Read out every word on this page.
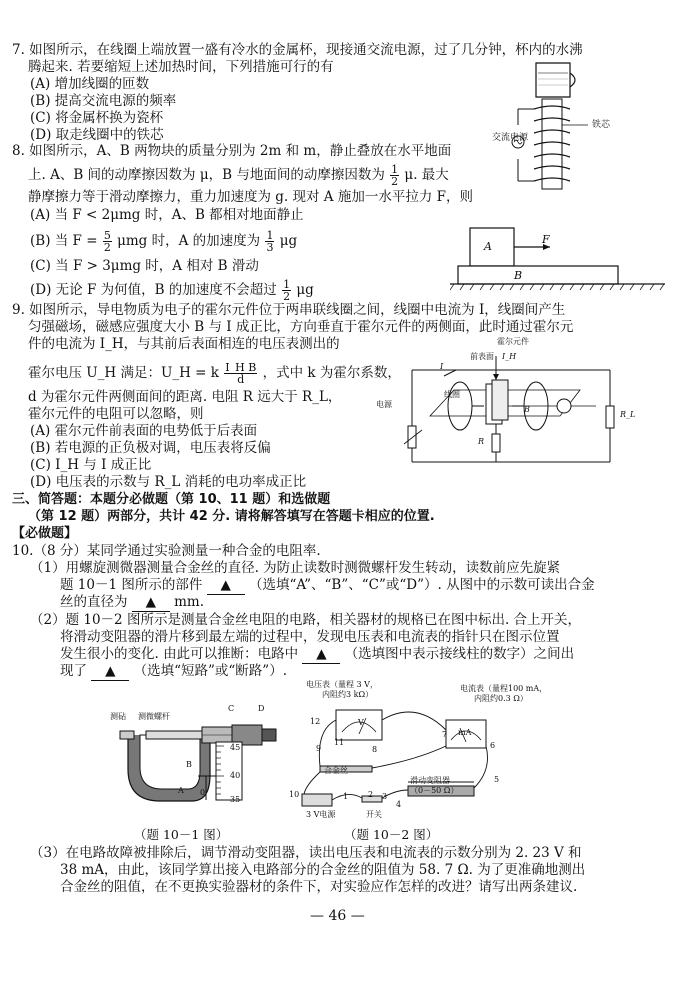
7. 如图所示，在线圈上端放置一盛有冷水的金属杯，现接通交流电源，过了几分钟，杯内的水沸
腾起来. 若要缩短上述加热时间，下列措施可行的有
(A) 增加线圈的匝数
(B) 提高交流电源的频率
(C) 将金属杯换为瓷杯
(D) 取走线圈中的铁芯	交流电源
铁芯
8. 如图所示，A、B 两物块的质量分别为 2m 和 m，静止叠放在水平地面
上. A、B 间的动摩擦因数为 μ，B 与地面间的动摩擦因数为 $\frac{1}{2} \mu$. 最大
静摩擦力等于滑动摩擦力，重力加速度为 g. 现对 A 施加一水平拉力 F，则
(A) 当 F < 2μmg 时，A、B 都相对地面静止
(B) 当 $F = \frac{5}{2}$ μmg 时，A 的加速度为 $\frac{1}{3}$ μg
(C) 当 F > 3μmg 时，A 相对 B 滑动
(D) 无论 F 为何值，B 的加速度不会超过 $\frac{1}{2}$ μg
A
F
B
9. 如图所示，导电物质为电子的霍尔元件位于两串联线圈之间，线圈中电流为 I，线圈间产生
匀强磁场，磁感应强度大小 B 与 I 成正比，方向垂直于霍尔元件的两侧面，此时通过霍尔元
件的电流为 I_H，与其前后表面相连的电压表测出的
霍尔电压 U_H 满足：U_H = k $\frac{\text{I\_H B}}{d}$ ，式中 k 为霍尔系数，
d 为霍尔元件两侧面间的距离. 电阻 R 远大于 R_L，
霍尔元件的电阻可以忽略，则
(A) 霍尔元件前表面的电势低于后表面
(B) 若电源的正负极对调，电压表将反偏
(C) I_H 与 I 成正比
(D) 电压表的示数与 R_L 消耗的电功率成正比
霍尔元件
前表面 I_H
I
线圈
电源
B
R
R_L
三、简答题：本题分必做题（第 10、11 题）和选做题
（第 12 题）两部分，共计 42 分. 请将解答填写在答题卡相应的位置.
【必做题】
10.（8 分）某同学通过实验测量一种合金的电阻率.
（1）用螺旋测微器测量合金丝的直径. 为防止读数时测微螺杆发生转动，读数前应先旋紧
题 10－1 图所示的部件 ▲ （选填“A”、“B”、“C”或“D”）. 从图中的示数可读出合金
丝的直径为 ▲ mm.
（2）题 10－2 图所示是测量合金丝电阻的电路，相关器材的规格已在图中标出. 合上开关，
将滑动变阻器的滑片移到最左端的过程中，发现电压表和电流表的指针只在图示位置
发生很小的变化. 由此可以推断：电路中 ▲ （选填图中表示接线柱的数字）之间出
现了 ▲ （选填“短路”或“断路”）.
测砧 测微螺杆
C	D
B
A
45
40
35
0
（题 10－1 图）
电压表（量程 3 V，
内阻约3 kΩ）
V
电流表（量程100 mA，
内阻约0.3 Ω）
mA
合金丝
滑动变阻器
（0－50 Ω）
3 V电源	开关
1 2 3
4
5
6
7
8
9
10
11
12
（题 10－2 图）
（3）在电路故障被排除后，调节滑动变阻器，读出电压表和电流表的示数分别为 2. 23 V 和
38 mA，由此，该同学算出接入电路部分的合金丝的阻值为 58. 7 Ω. 为了更准确地测出
合金丝的阻值，在不更换实验器材的条件下，对实验应作怎样的改进？请写出两条建议.
— 46 —
